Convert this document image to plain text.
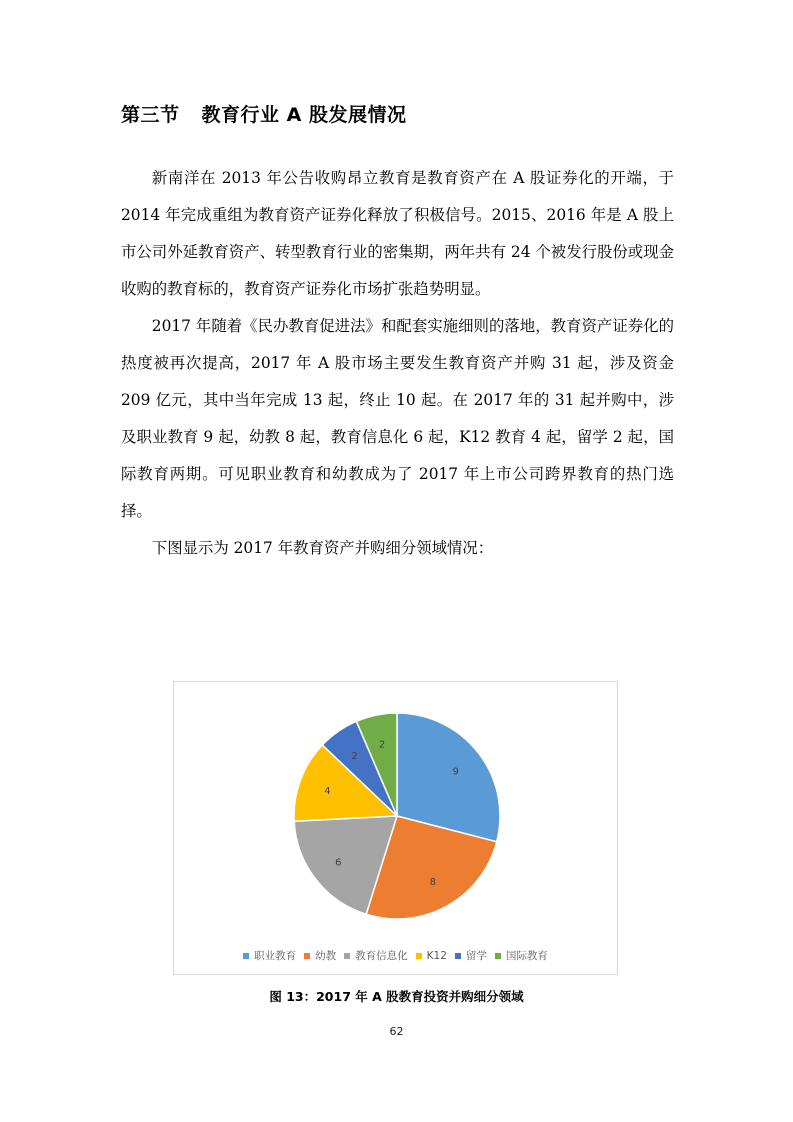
第三节 教育行业 A 股发展情况

新南洋在 2013 年公告收购昂立教育是教育资产在 A 股证券化的开端，于 2014 年完成重组为教育资产证券化释放了积极信号。2015、2016 年是 A 股上市公司外延教育资产、转型教育行业的密集期，两年共有 24 个被发行股份或现金收购的教育标的，教育资产证券化市场扩张趋势明显。

2017 年随着《民办教育促进法》和配套实施细则的落地，教育资产证券化的热度被再次提高，2017 年 A 股市场主要发生教育资产并购 31 起，涉及资金 209 亿元，其中当年完成 13 起，终止 10 起。在 2017 年的 31 起并购中，涉及职业教育 9 起，幼教 8 起，教育信息化 6 起，K12 教育 4 起，留学 2 起，国际教育两期。可见职业教育和幼教成为了 2017 年上市公司跨界教育的热门选择。

下图显示为 2017 年教育资产并购细分领域情况：

9
8
6
4
2
2
职业教育 幼教 教育信息化 K12 留学 国际教育
图 13：2017 年 A 股教育投资并购细分领域
62
